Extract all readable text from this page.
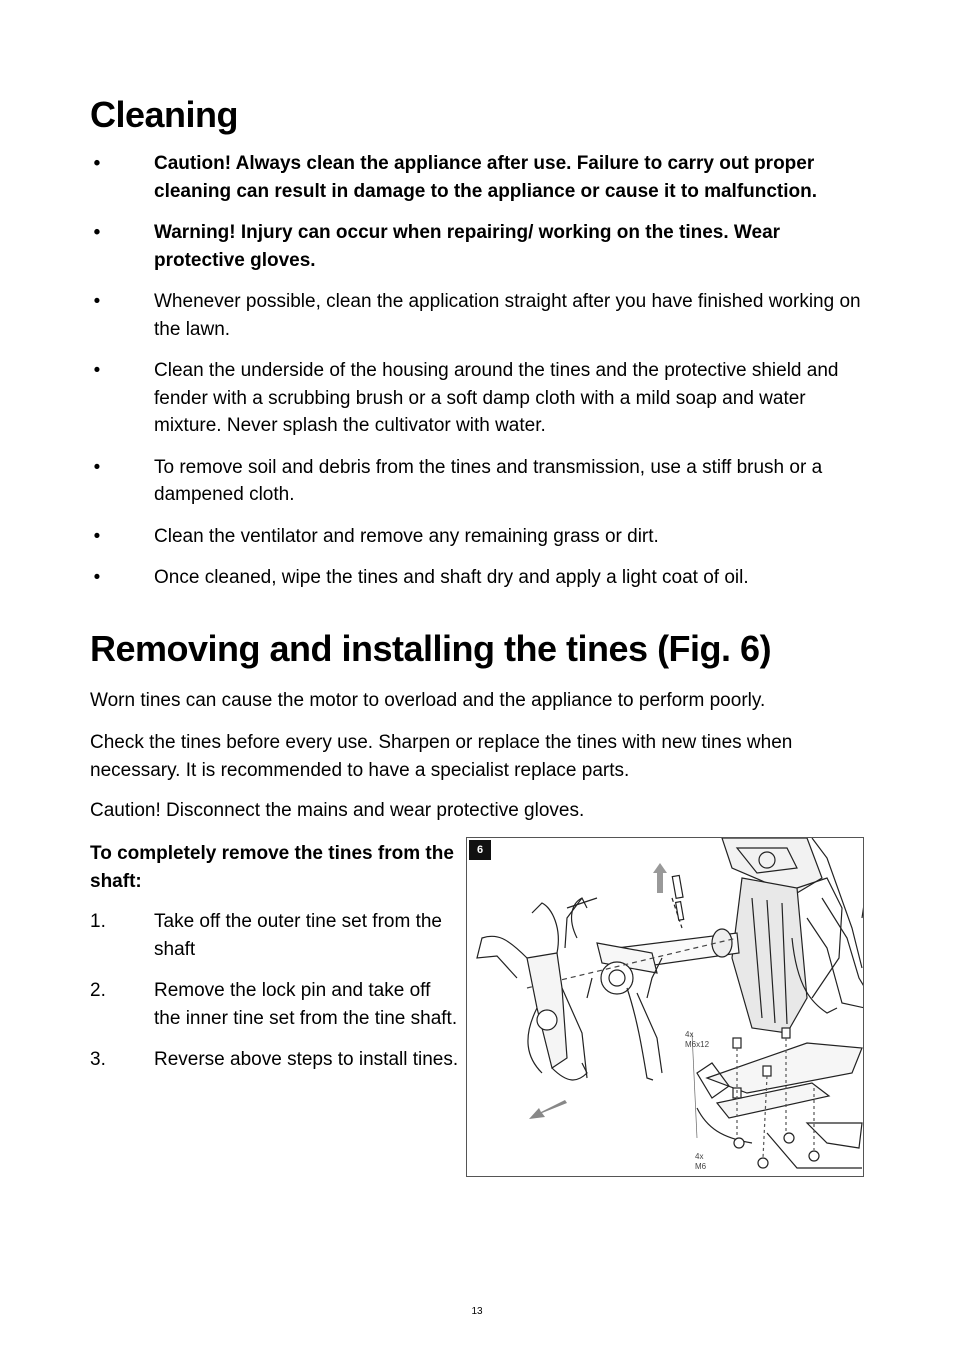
Cleaning
•	Caution! Always clean the appliance after use. Failure to carry out proper cleaning can result in damage to the appliance or cause it to malfunction.
•	Warning! Injury can occur when repairing/ working on the tines. Wear protective gloves.
•	Whenever possible, clean the application straight after you have finished working on the lawn.
•	Clean the underside of the housing around the tines and the protective shield and fender with a scrubbing brush or a soft damp cloth with a mild soap and water mixture. Never splash the cultivator with water.
•	To remove soil and debris from the tines and transmission, use a stiff brush or a dampened cloth.
•	Clean the ventilator and remove any remaining grass or dirt.
•	Once cleaned, wipe the tines and shaft dry and apply a light coat of oil.
Removing and installing the tines (Fig. 6)

Worn tines can cause the motor to overload and the appliance to perform poorly.

Check the tines before every use. Sharpen or replace the tines with new tines when necessary. It is recommended to have a specialist replace parts.

Caution! Disconnect the mains and wear protective gloves.

To completely remove the tines from the shaft:

1.	Take off the outer tine set from the shaft
2.	Remove the lock pin and take off the inner tine set from the tine shaft.
3.	Reverse above steps to install tines.
6
4x
M6x12
4x
M6
13
